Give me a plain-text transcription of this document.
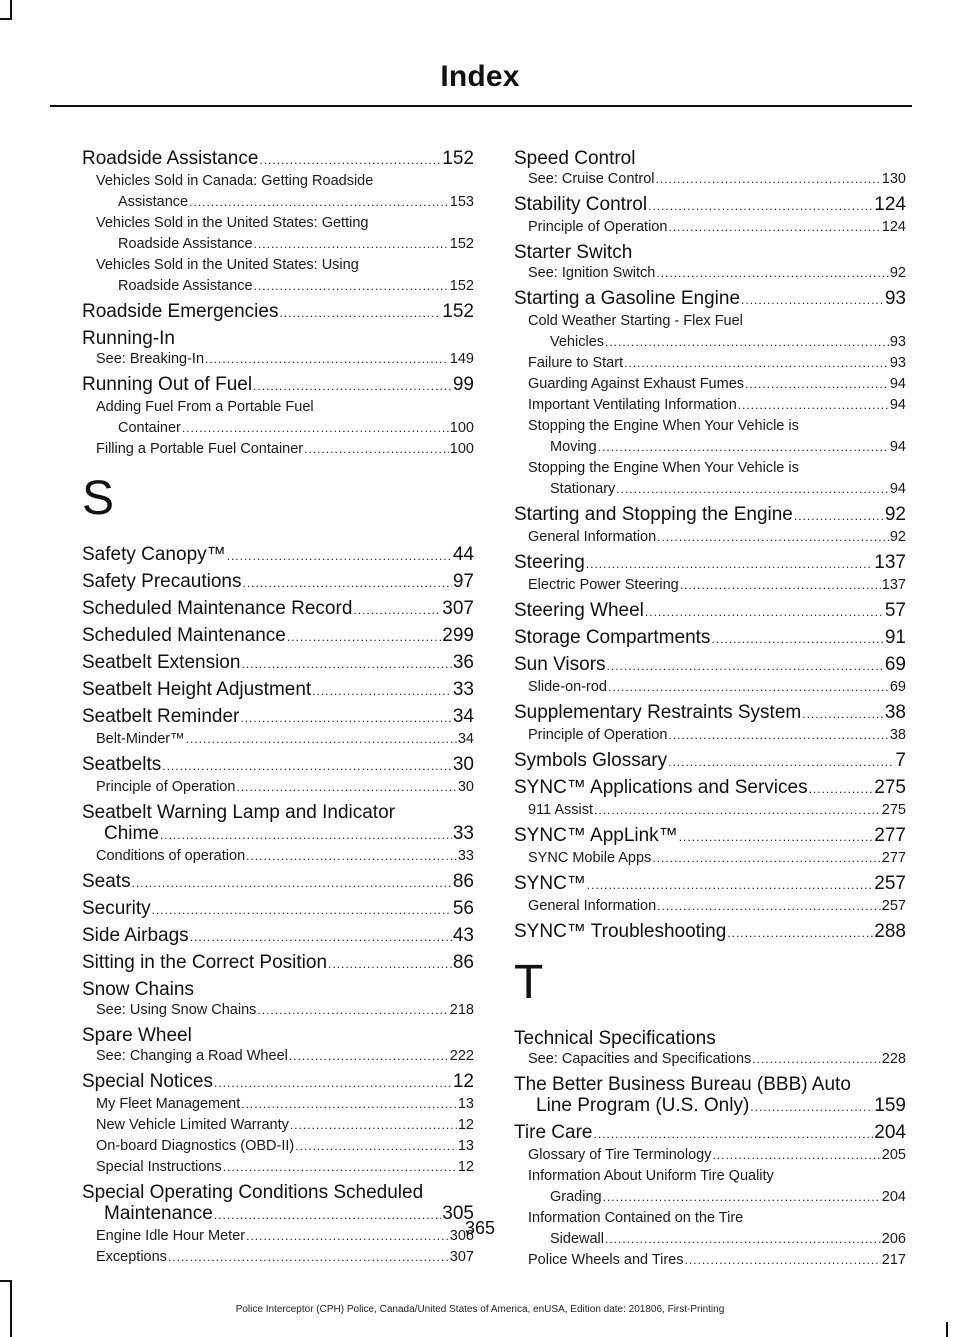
Index
Roadside Assistance .....	152
Vehicles Sold in Canada: Getting Roadside
Assistance .....	153
Vehicles Sold in the United States: Getting
Roadside Assistance .....	152
Vehicles Sold in the United States: Using
Roadside Assistance .....	152
Roadside Emergencies .....	152
Running-In
See: Breaking-In .....	149
Running Out of Fuel .....	99
Adding Fuel From a Portable Fuel
Container .....	100
Filling a Portable Fuel Container .....	100
S
Safety Canopy™ .....	44
Safety Precautions .....	97
Scheduled Maintenance Record .....	307
Scheduled Maintenance .....	299
Seatbelt Extension .....	36
Seatbelt Height Adjustment .....	33
Seatbelt Reminder .....	34
Belt-Minder™ .....	34
Seatbelts .....	30
Principle of Operation .....	30
Seatbelt Warning Lamp and Indicator
Chime .....	33
Conditions of operation .....	33
Seats .....	86
Security .....	56
Side Airbags .....	43
Sitting in the Correct Position .....	86
Snow Chains
See: Using Snow Chains .....	218
Spare Wheel
See: Changing a Road Wheel .....	222
Special Notices .....	12
My Fleet Management .....	13
New Vehicle Limited Warranty .....	12
On-board Diagnostics (OBD-II) .....	13
Special Instructions .....	12
Special Operating Conditions Scheduled
Maintenance .....	305
Engine Idle Hour Meter .....	306
Exceptions .....	307
Speed Control
See: Cruise Control .....	130
Stability Control .....	124
Principle of Operation .....	124
Starter Switch
See: Ignition Switch .....	92
Starting a Gasoline Engine .....	93
Cold Weather Starting - Flex Fuel
Vehicles .....	93
Failure to Start .....	93
Guarding Against Exhaust Fumes .....	94
Important Ventilating Information .....	94
Stopping the Engine When Your Vehicle is
Moving .....	94
Stopping the Engine When Your Vehicle is
Stationary .....	94
Starting and Stopping the Engine .....	92
General Information .....	92
Steering .....	137
Electric Power Steering .....	137
Steering Wheel .....	57
Storage Compartments .....	91
Sun Visors .....	69
Slide-on-rod .....	69
Supplementary Restraints System .....	38
Principle of Operation .....	38
Symbols Glossary .....	7
SYNC™ Applications and Services .....	275
911 Assist .....	275
SYNC™ AppLink™ .....	277
SYNC Mobile Apps .....	277
SYNC™ .....	257
General Information .....	257
SYNC™ Troubleshooting .....	288
T
Technical Specifications
See: Capacities and Specifications .....	228
The Better Business Bureau (BBB) Auto
Line Program (U.S. Only) .....	159
Tire Care .....	204
Glossary of Tire Terminology .....	205
Information About Uniform Tire Quality
Grading .....	204
Information Contained on the Tire
Sidewall .....	206
Police Wheels and Tires .....	217
365
Police Interceptor (CPH) Police, Canada/United States of America, enUSA, Edition date: 201806, First-Printing
